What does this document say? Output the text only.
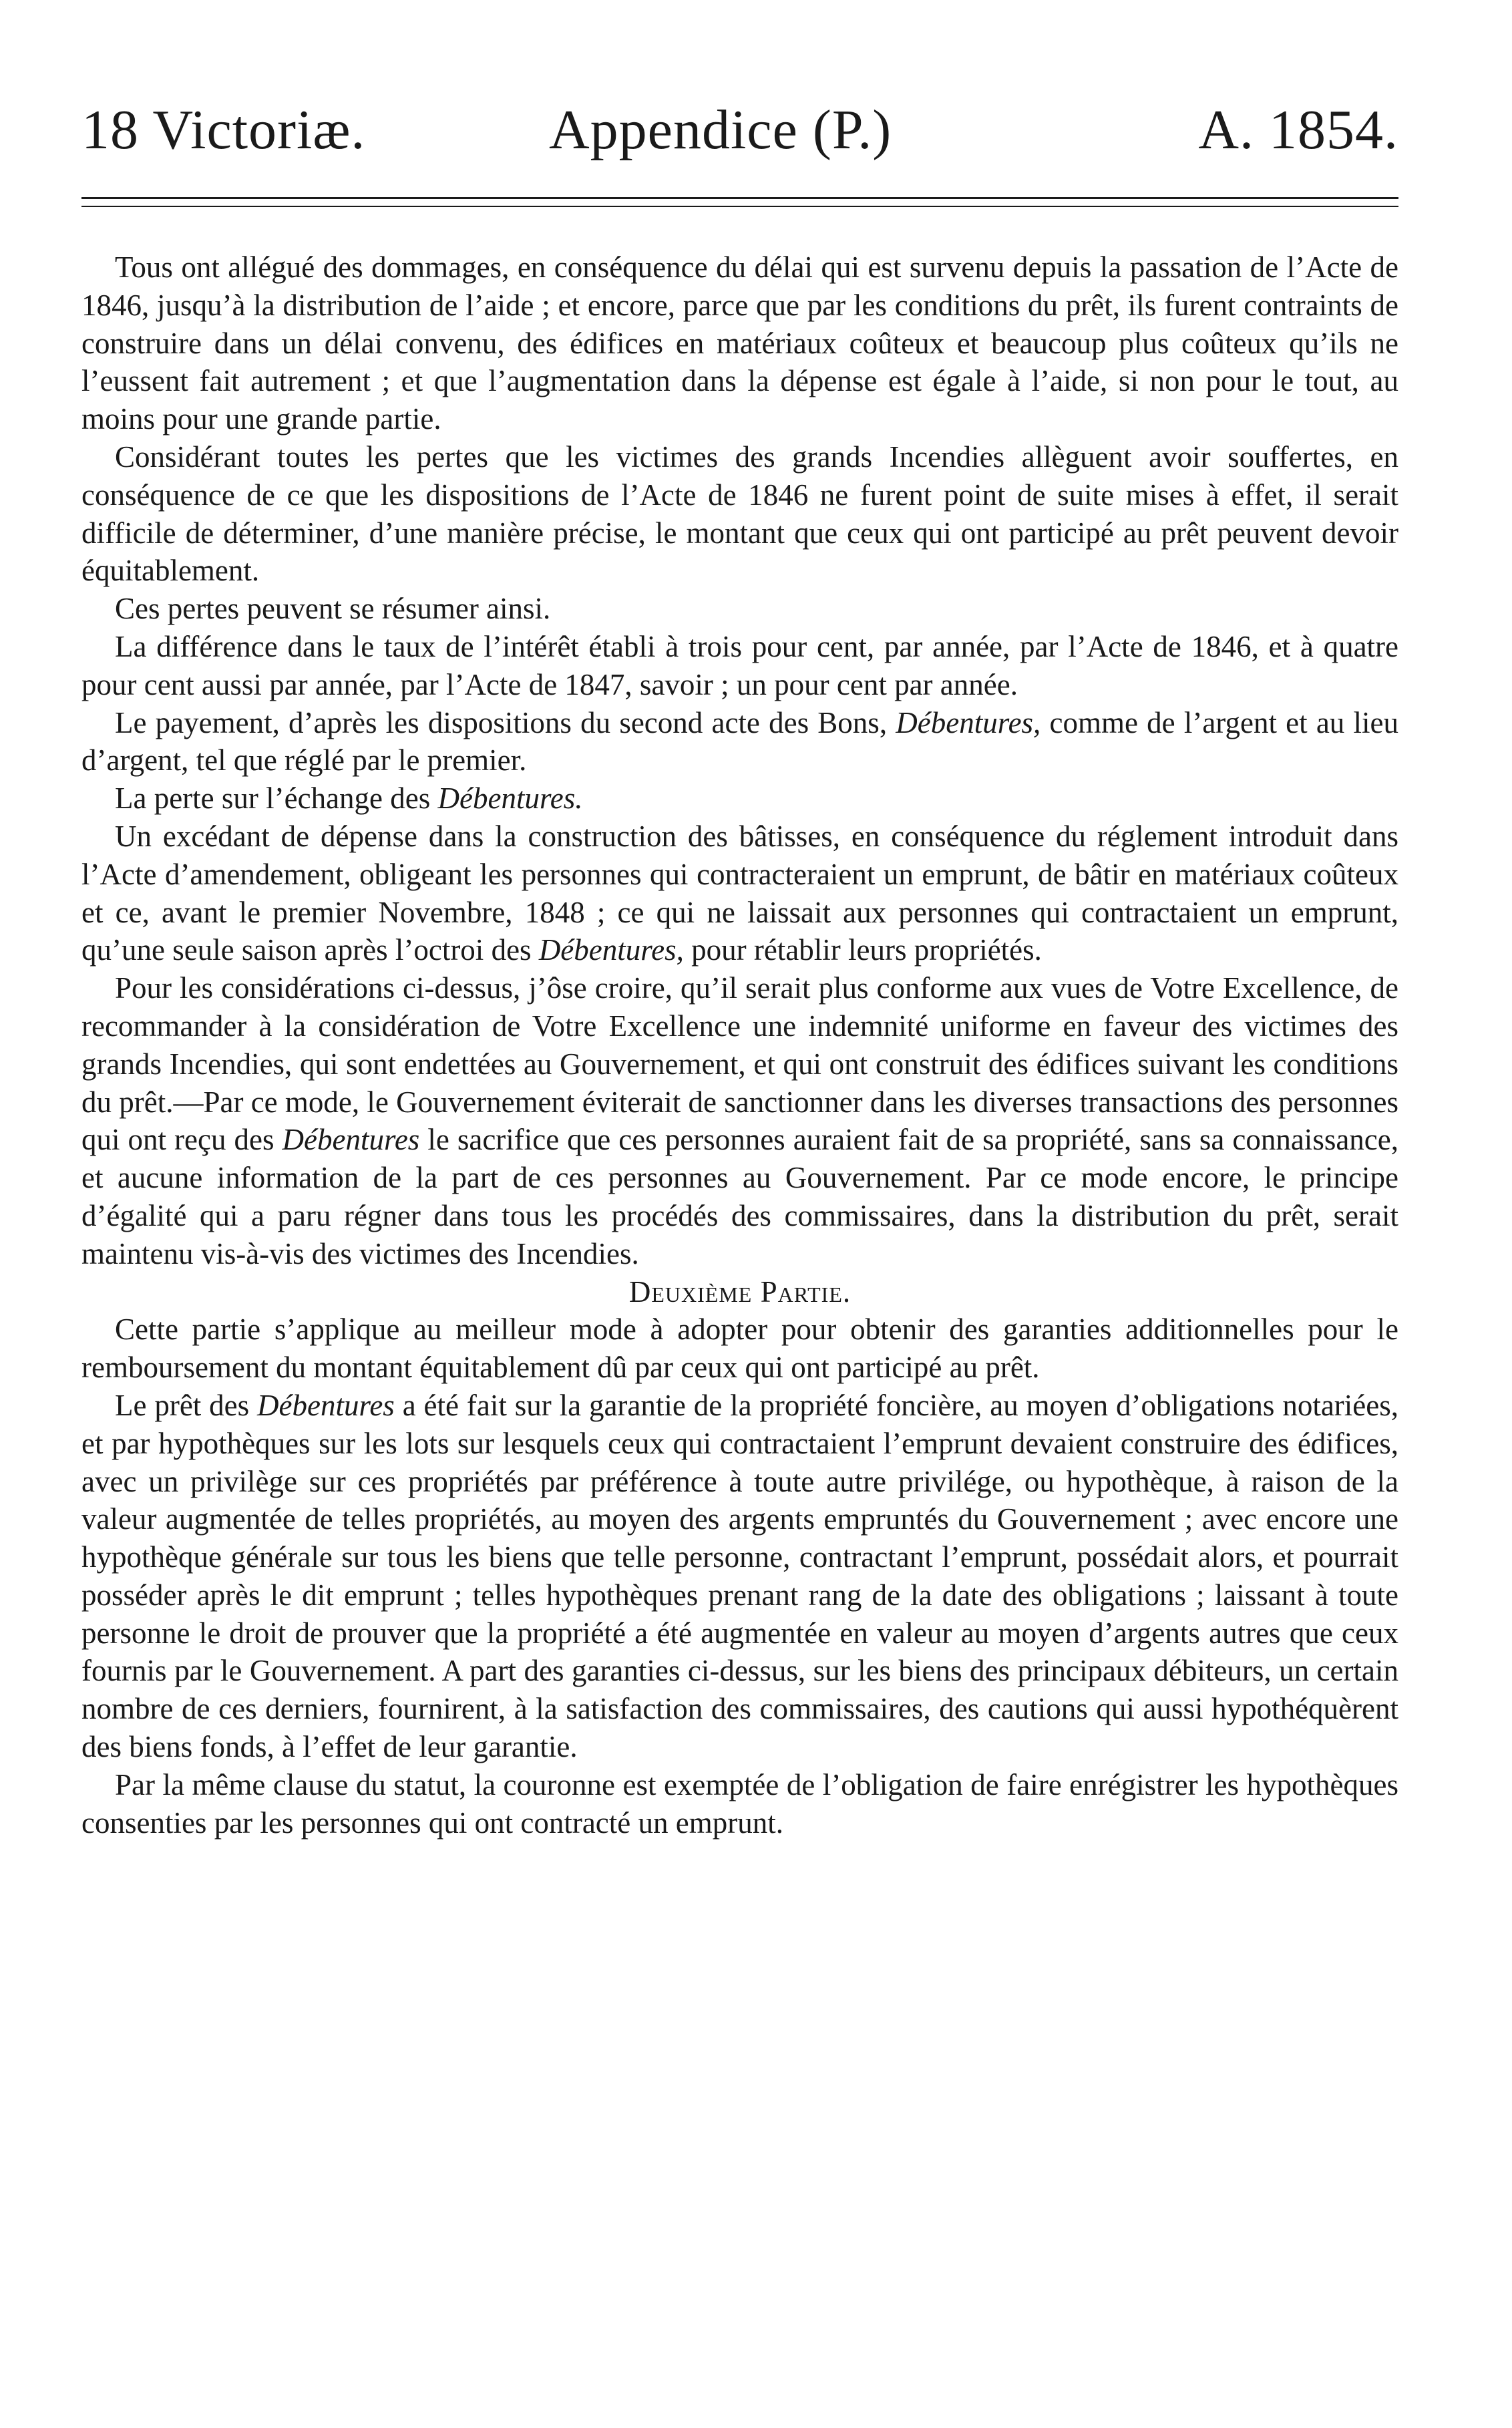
18 Victoriæ.	Appendice (P.)	A. 1854.

Tous ont allégué des dommages, en conséquence du délai qui est survenu depuis la passation de l’Acte de 1846, jusqu’à la distribution de l’aide ; et encore, parce que par les conditions du prêt, ils furent contraints de construire dans un délai convenu, des édifices en matériaux coûteux et beaucoup plus coûteux qu’ils ne l’eussent fait autrement ; et que l’augmentation dans la dépense est égale à l’aide, si non pour le tout, au moins pour une grande partie.

Considérant toutes les pertes que les victimes des grands Incendies allèguent avoir souffertes, en conséquence de ce que les dispositions de l’Acte de 1846 ne furent point de suite mises à effet, il serait difficile de déterminer, d’une manière précise, le montant que ceux qui ont participé au prêt peuvent devoir équitablement.

Ces pertes peuvent se résumer ainsi.

La différence dans le taux de l’intérêt établi à trois pour cent, par année, par l’Acte de 1846, et à quatre pour cent aussi par année, par l’Acte de 1847, savoir ; un pour cent par année.

Le payement, d’après les dispositions du second acte des Bons, Débentures, comme de l’argent et au lieu d’argent, tel que réglé par le premier.

La perte sur l’échange des Débentures.

Un excédant de dépense dans la construction des bâtisses, en conséquence du réglement introduit dans l’Acte d’amendement, obligeant les personnes qui contracteraient un emprunt, de bâtir en matériaux coûteux et ce, avant le premier Novembre, 1848 ; ce qui ne laissait aux personnes qui contractaient un emprunt, qu’une seule saison après l’octroi des Débentures, pour rétablir leurs propriétés.

Pour les considérations ci-dessus, j’ôse croire, qu’il serait plus conforme aux vues de Votre Excellence, de recommander à la considération de Votre Excellence une indemnité uniforme en faveur des victimes des grands Incendies, qui sont endettées au Gouvernement, et qui ont construit des édifices suivant les conditions du prêt.—Par ce mode, le Gouvernement éviterait de sanctionner dans les diverses transactions des personnes qui ont reçu des Débentures le sacrifice que ces personnes auraient fait de sa propriété, sans sa connaissance, et aucune information de la part de ces personnes au Gouvernement. Par ce mode encore, le principe d’égalité qui a paru régner dans tous les procédés des commissaires, dans la distribution du prêt, serait maintenu vis-à-vis des victimes des Incendies.

Deuxième Partie.

Cette partie s’applique au meilleur mode à adopter pour obtenir des garanties additionnelles pour le remboursement du montant équitablement dû par ceux qui ont participé au prêt.

Le prêt des Débentures a été fait sur la garantie de la propriété foncière, au moyen d’obligations notariées, et par hypothèques sur les lots sur lesquels ceux qui contractaient l’emprunt devaient construire des édifices, avec un privilège sur ces propriétés par préférence à toute autre privilége, ou hypothèque, à raison de la valeur augmentée de telles propriétés, au moyen des argents empruntés du Gouvernement ; avec encore une hypothèque générale sur tous les biens que telle personne, contractant l’emprunt, possédait alors, et pourrait posséder après le dit emprunt ; telles hypothèques prenant rang de la date des obligations ; laissant à toute personne le droit de prouver que la propriété a été augmentée en valeur au moyen d’argents autres que ceux fournis par le Gouvernement. A part des garanties ci-dessus, sur les biens des principaux débiteurs, un certain nombre de ces derniers, fournirent, à la satisfaction des commissaires, des cautions qui aussi hypothéquèrent des biens fonds, à l’effet de leur garantie.

Par la même clause du statut, la couronne est exemptée de l’obligation de faire enrégistrer les hypothèques consenties par les personnes qui ont contracté un emprunt.
